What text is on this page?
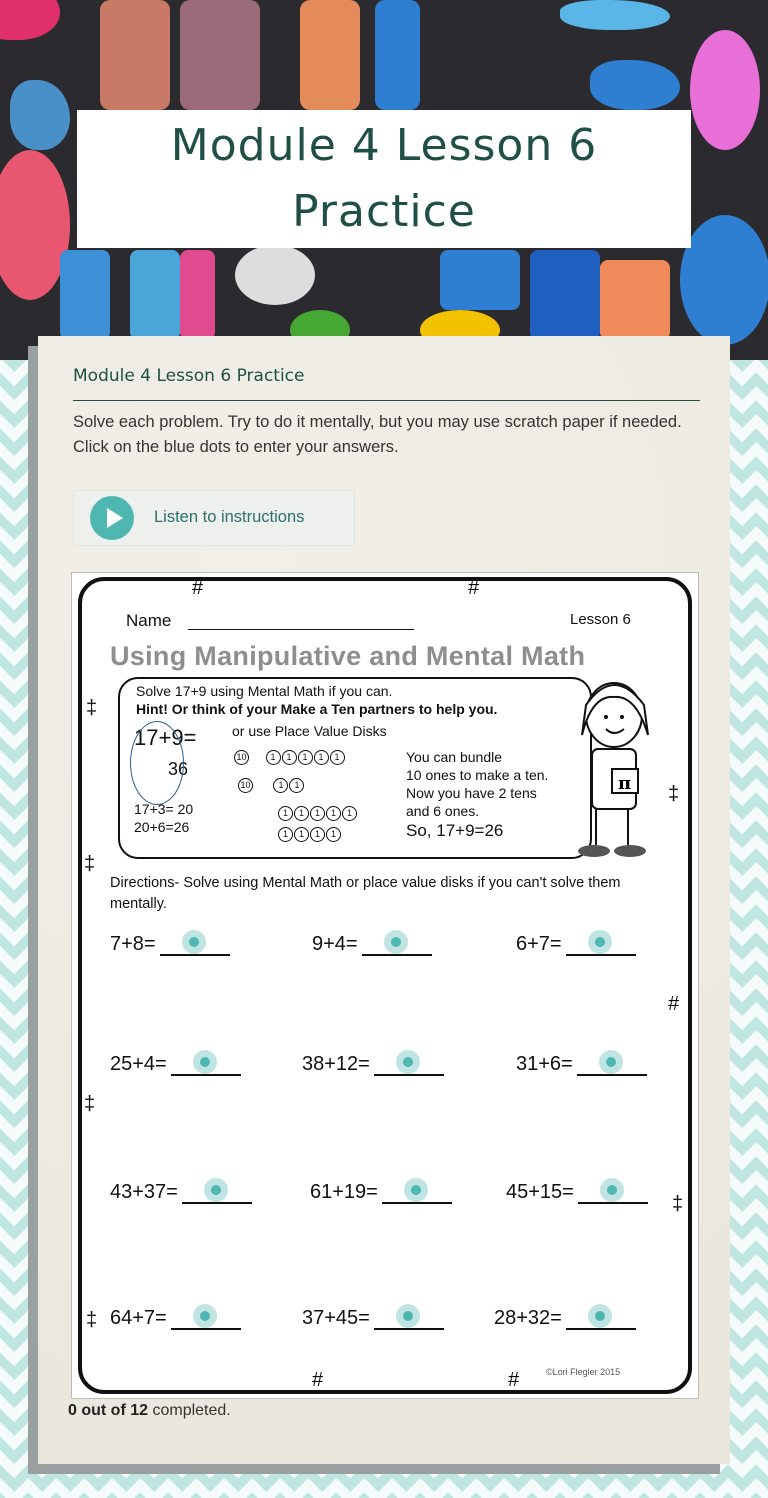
Module 4 Lesson 6 Practice
Module 4 Lesson 6 Practice
Solve each problem. Try to do it mentally, but you may use scratch paper if needed. Click on the blue dots to enter your answers.
Listen to instructions
#	#
‡
‡
‡
#
‡
‡
‡
#	#
Name	Lesson 6
Using Manipulative and Mental Math
Solve 17+9 using Mental Math if you can.
Hint! Or think of your Make a Ten partners to help you.
17+9=	or use Place Value Disks
36
17+3= 20
20+6=26
10	1 1 1 1 1
10	1 1
1 1 1 1 1
1 1 1 1
You can bundle
10 ones to make a ten.
Now you have 2 tens
and 6 ones.
So, 17+9=26
π
Directions- Solve using Mental Math or place value disks if you can't solve them mentally.
7+8=	9+4=	6+7=
25+4=	38+12=	31+6=
43+37=	61+19=	45+15=
64+7=	37+45=	28+32=
©Lori Flegler 2015
0 out of 12 completed.
